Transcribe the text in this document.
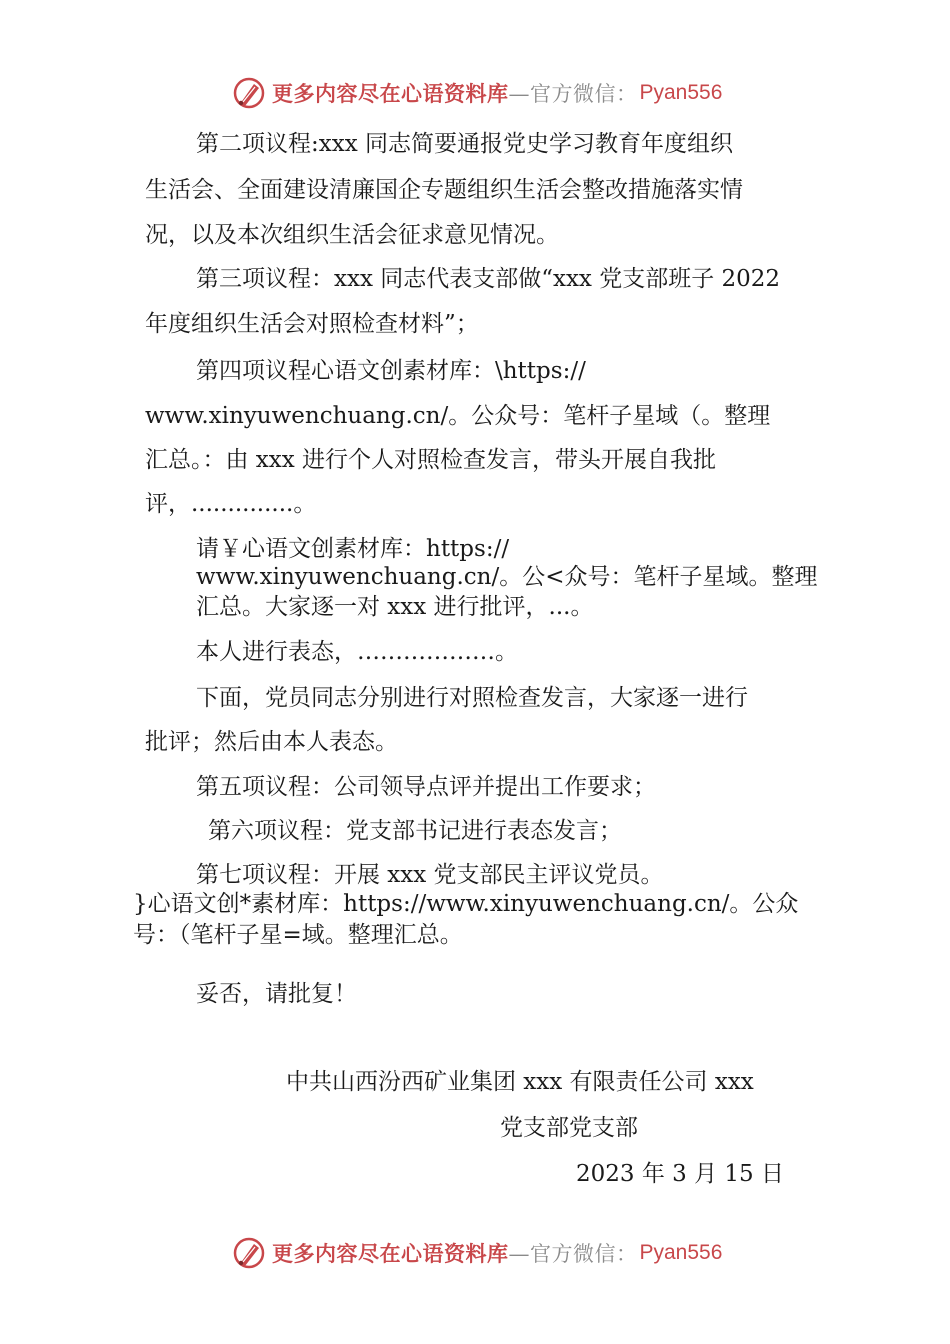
更多内容尽在心语资料库 —官方微信： Pyan556

第二项议程:xxx 同志简要通报党史学习教育年度组织

生活会、全面建设清廉国企专题组织生活会整改措施落实情

况，以及本次组织生活会征求意见情况。

第三项议程：xxx 同志代表支部做“xxx 党支部班子 2022

年度组织生活会对照检查材料”；

第四项议程心语文创素材库：\https://

www.xinyuwenchuang.cn/。公众号：笔杆子星域（。整理

汇总。：由 xxx 进行个人对照检查发言，带头开展自我批

评，..............。

请￥心语文创素材库：https://

www.xinyuwenchuang.cn/。公<众号：笔杆子星域。整理

汇总。大家逐一对 xxx 进行批评，...。

本人进行表态，………………。

下面，党员同志分别进行对照检查发言，大家逐一进行

批评；然后由本人表态。

第五项议程：公司领导点评并提出工作要求；

第六项议程：党支部书记进行表态发言；

第七项议程：开展 xxx 党支部民主评议党员。

}心语文创*素材库：https://www.xinyuwenchuang.cn/。公众

号：（笔杆子星=域。整理汇总。

妥否，请批复！

中共山西汾西矿业集团 xxx 有限责任公司 xxx

党支部党支部

2023 年 3 月 15 日

更多内容尽在心语资料库 —官方微信： Pyan556
